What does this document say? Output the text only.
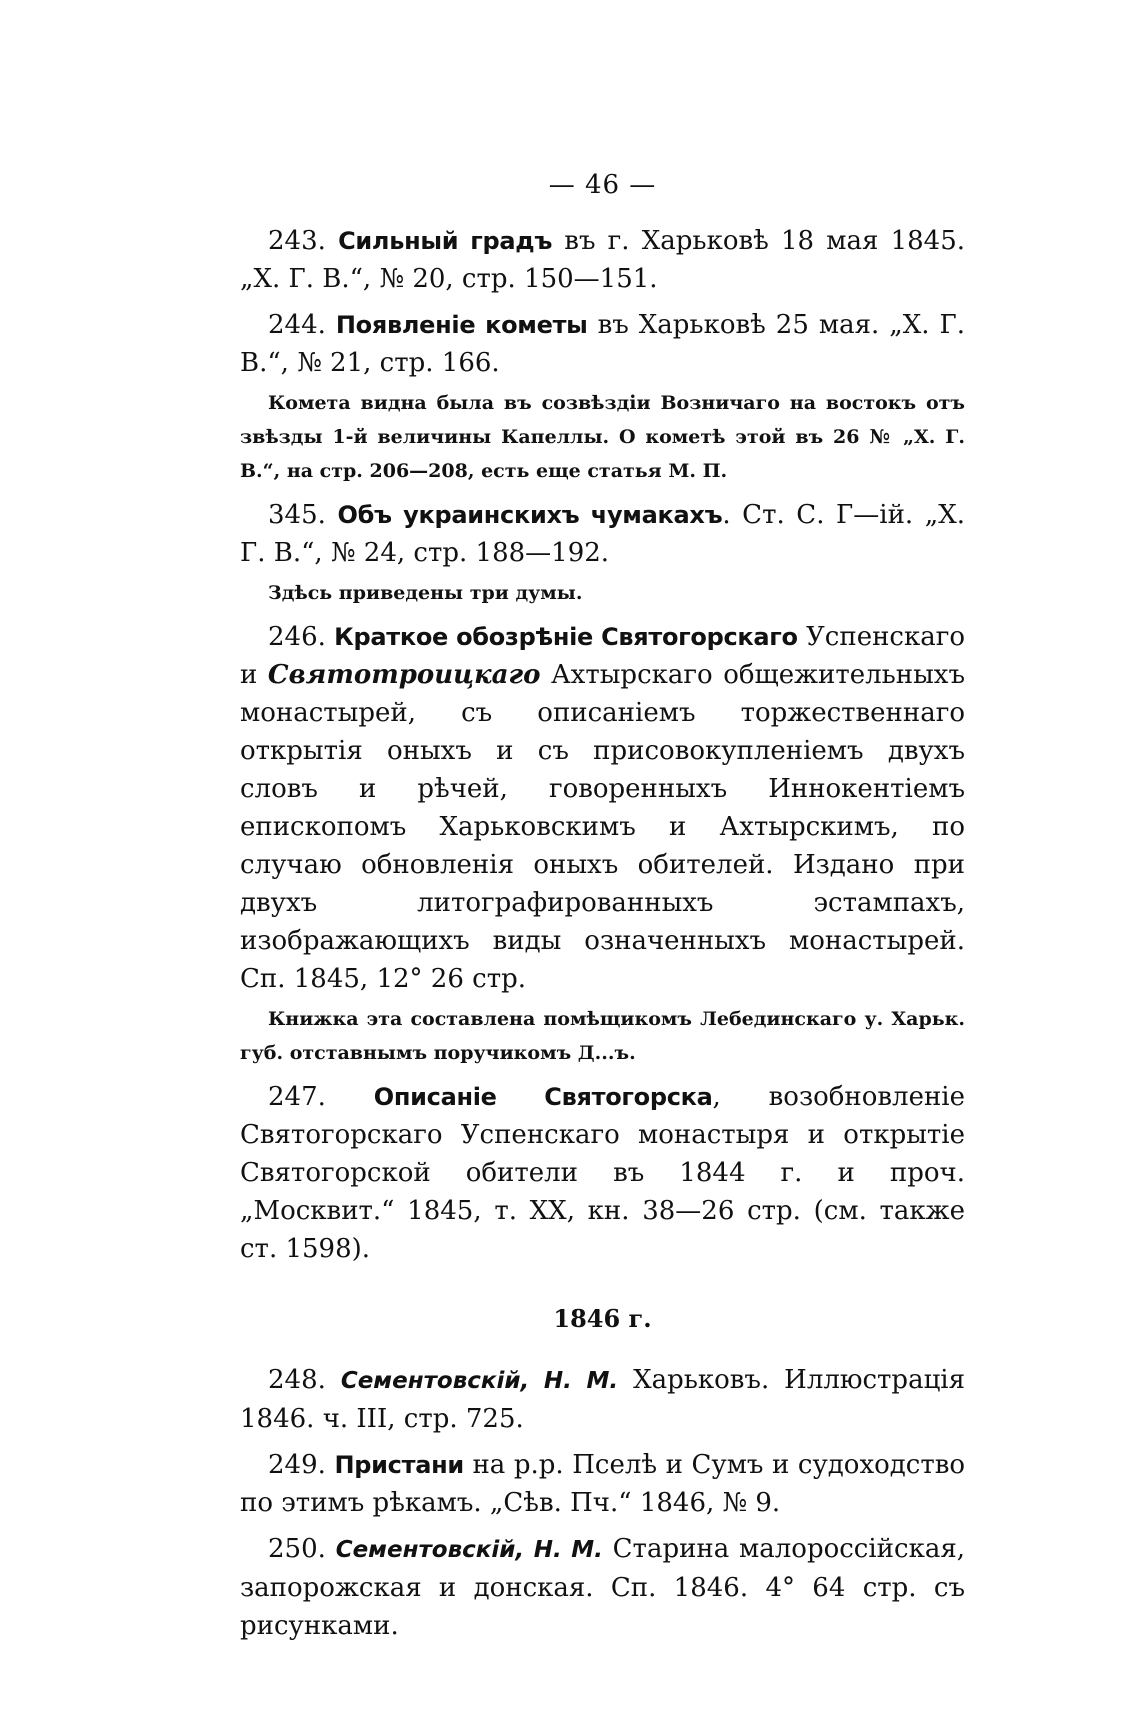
— 46 —

243. Сильный градъ въ г. Харьковѣ 18 мая 1845. „Х. Г. В.“, № 20, стр. 150—151.

244. Появленіе кометы въ Харьковѣ 25 мая. „Х. Г. В.“, № 21, стр. 166.

Комета видна была въ созвѣздіи Возничаго на востокъ отъ звѣзды 1-й величины Капеллы. О кометѣ этой въ 26 № „Х. Г. В.“, на стр. 206—208, есть еще статья М. П.

345. Объ украинскихъ чумакахъ. Ст. С. Г—ій. „Х. Г. В.“, № 24, стр. 188—192.

Здѣсь приведены три думы.

246. Краткое обозрѣніе Святогорскаго Успенскаго и Святотроицкаго Ахтырскаго общежительныхъ монастырей, съ описаніемъ торжественнаго открытія оныхъ и съ присовокупленіемъ двухъ словъ и рѣчей, говоренныхъ Иннокентіемъ епископомъ Харьковскимъ и Ахтырскимъ, по случаю обновленія оныхъ обителей. Издано при двухъ литографированныхъ эстампахъ, изображающихъ виды означенныхъ монастырей. Сп. 1845, 12° 26 стр.

Книжка эта составлена помѣщикомъ Лебединскаго у. Харьк. губ. отставнымъ поручикомъ Д...ъ.

247. Описаніе Святогорска, возобновленіе Святогорскаго Успенскаго монастыря и открытіе Святогорской обители въ 1844 г. и проч. „Москвит.“ 1845, т. XX, кн. 38—26 стр. (см. также ст. 1598).

1846 г.

248. Сементовскій, Н. М. Харьковъ. Иллюстрація 1846. ч. III, стр. 725.

249. Пристани на р.р. Пселѣ и Сумъ и судоходство по этимъ рѣкамъ. „Сѣв. Пч.“ 1846, № 9.

250. Сементовскій, Н. М. Старина малороссійская, запорожская и донская. Сп. 1846. 4° 64 стр. съ рисунками.
